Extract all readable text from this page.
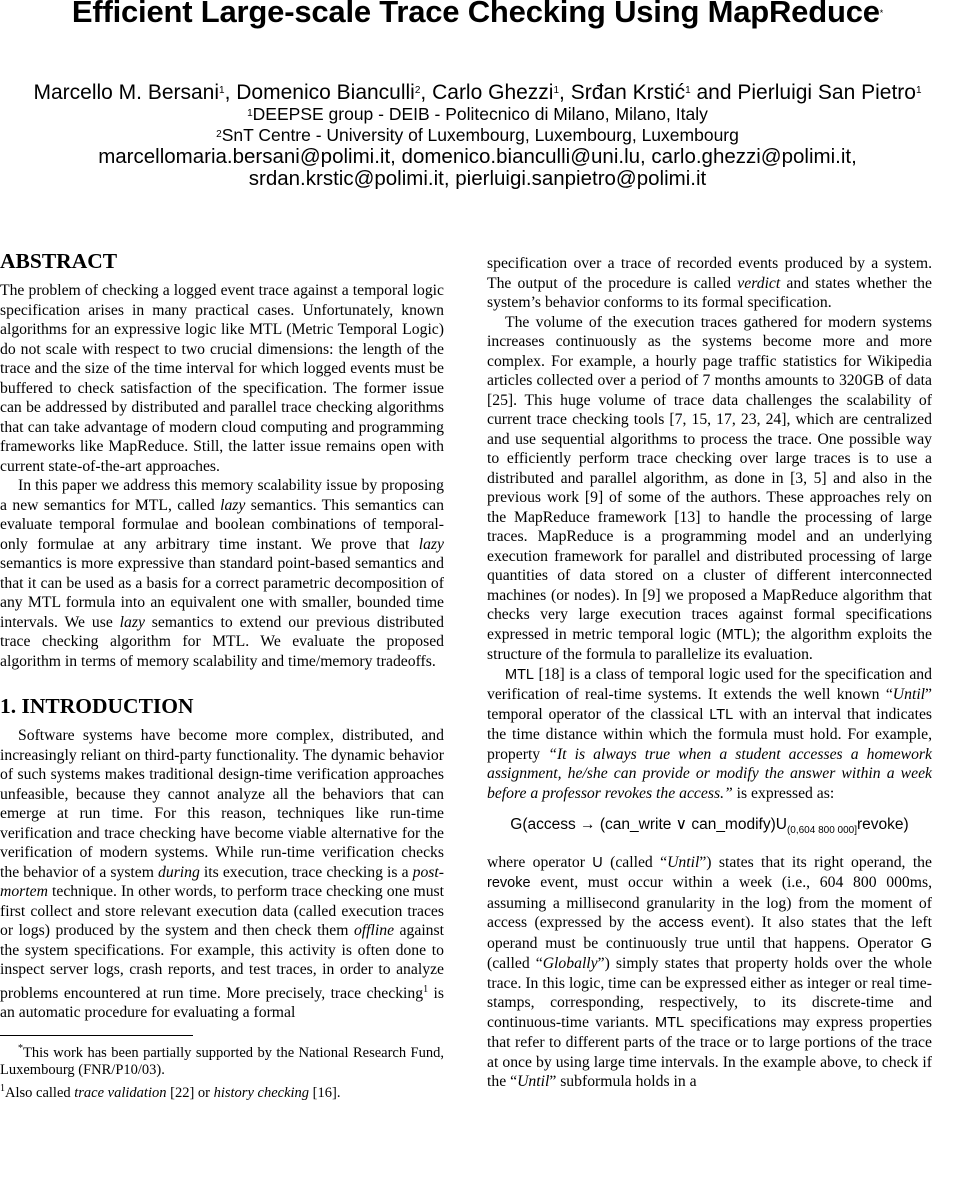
Efficient Large-scale Trace Checking Using MapReduce*
Marcello M. Bersani$^1$, Domenico Bianculli$^2$, Carlo Ghezzi$^1$, Srđan Krstić$^1$ and Pierluigi San Pietro$^1$
$^1$DEEPSE group - DEIB - Politecnico di Milano, Milano, Italy
$^2$SnT Centre - University of Luxembourg, Luxembourg, Luxembourg
marcellomaria.bersani@polimi.it, domenico.bianculli@uni.lu, carlo.ghezzi@polimi.it,
srdan.krstic@polimi.it, pierluigi.sanpietro@polimi.it
ABSTRACT

The problem of checking a logged event trace against a temporal logic specification arises in many practical cases. Unfortunately, known algorithms for an expressive logic like MTL (Metric Temporal Logic) do not scale with respect to two crucial dimensions: the length of the trace and the size of the time interval for which logged events must be buffered to check satisfaction of the specification. The former issue can be addressed by distributed and parallel trace checking algorithms that can take advantage of modern cloud computing and programming frameworks like MapReduce. Still, the latter issue remains open with current state-of-the-art approaches.

In this paper we address this memory scalability issue by proposing a new semantics for MTL, called lazy semantics. This semantics can evaluate temporal formulae and boolean combinations of temporal-only formulae at any arbitrary time instant. We prove that lazy semantics is more expressive than standard point-based semantics and that it can be used as a basis for a correct parametric decomposition of any MTL formula into an equivalent one with smaller, bounded time intervals. We use lazy semantics to extend our previous distributed trace checking algorithm for MTL. We evaluate the proposed algorithm in terms of memory scalability and time/memory tradeoffs.

1. INTRODUCTION

Software systems have become more complex, distributed, and increasingly reliant on third-party functionality. The dynamic behavior of such systems makes traditional design-time verification approaches unfeasible, because they cannot analyze all the behaviors that can emerge at run time. For this reason, techniques like run-time verification and trace checking have become viable alternative for the verification of modern systems. While run-time verification checks the behavior of a system during its execution, trace checking is a post-mortem technique. In other words, to perform trace checking one must first collect and store relevant execution data (called execution traces or logs) produced by the system and then check them offline against the system specifications. For example, this activity is often done to inspect server logs, crash reports, and test traces, in order to analyze problems encountered at run time. More precisely, trace checking$^1$ is an automatic procedure for evaluating a formal

*This work has been partially supported by the National Research Fund, Luxembourg (FNR/P10/03).

$^1$Also called trace validation [22] or history checking [16].

specification over a trace of recorded events produced by a system. The output of the procedure is called verdict and states whether the system’s behavior conforms to its formal specification.

The volume of the execution traces gathered for modern systems increases continuously as the systems become more and more complex. For example, a hourly page traffic statistics for Wikipedia articles collected over a period of 7 months amounts to 320GB of data [25]. This huge volume of trace data challenges the scalability of current trace checking tools [7, 15, 17, 23, 24], which are centralized and use sequential algorithms to process the trace. One possible way to efficiently perform trace checking over large traces is to use a distributed and parallel algorithm, as done in [3, 5] and also in the previous work [9] of some of the authors. These approaches rely on the MapReduce framework [13] to handle the processing of large traces. MapReduce is a programming model and an underlying execution framework for parallel and distributed processing of large quantities of data stored on a cluster of different interconnected machines (or nodes). In [9] we proposed a MapReduce algorithm that checks very large execution traces against formal specifications expressed in metric temporal logic (MTL); the algorithm exploits the structure of the formula to parallelize its evaluation.

MTL [18] is a class of temporal logic used for the specification and verification of real-time systems. It extends the well known “Until” temporal operator of the classical LTL with an interval that indicates the time distance within which the formula must hold. For example, property “It is always true when a student accesses a homework assignment, he/she can provide or modify the answer within a week before a professor revokes the access.” is expressed as:

G(access → (can_write ∨ $can\_modify)U_{(0,604 800 000]}revoke$)

where operator U (called “Until”) states that its right operand, the revoke event, must occur within a week (i.e., 604 800 000ms, assuming a millisecond granularity in the log) from the moment of access (expressed by the access event). It also states that the left operand must be continuously true until that happens. Operator G (called “Globally”) simply states that property holds over the whole trace. In this logic, time can be expressed either as integer or real time-stamps, corresponding, respectively, to its discrete-time and continuous-time variants. MTL specifications may express properties that refer to different parts of the trace or to large portions of the trace at once by using large time intervals. In the example above, to check if the “Until” subformula holds in a
